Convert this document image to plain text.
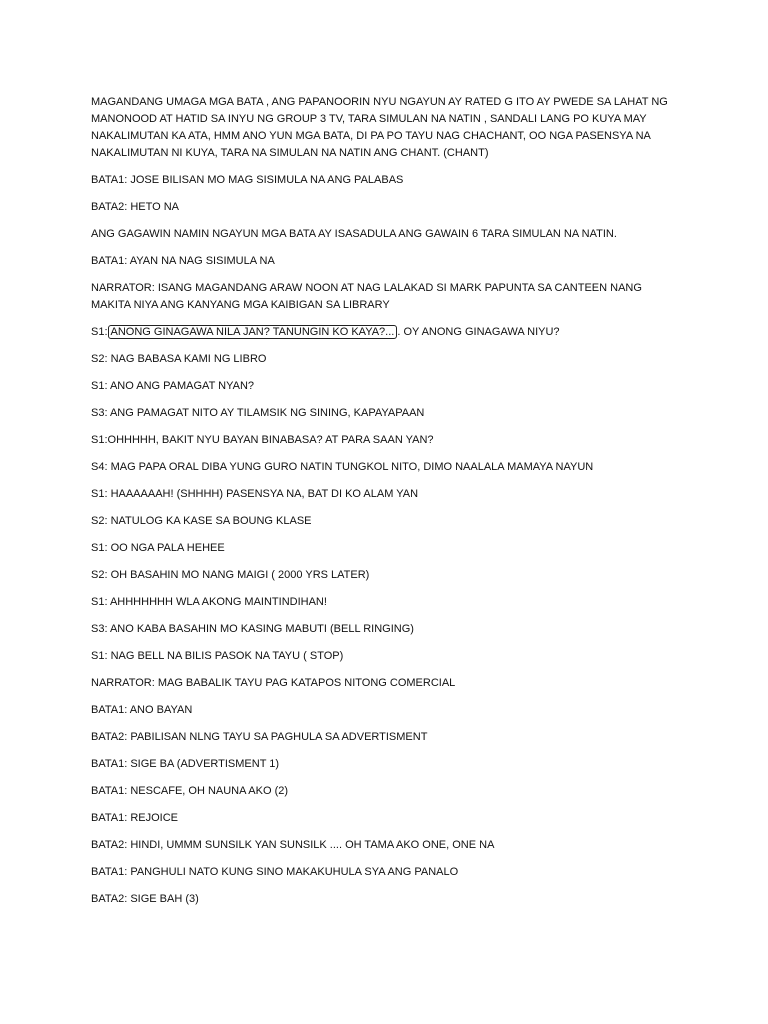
MAGANDANG UMAGA MGA BATA , ANG PAPANOORIN NYU NGAYUN AY RATED G ITO AY PWEDE SA LAHAT NG MANONOOD AT HATID SA INYU NG GROUP 3 TV, TARA SIMULAN NA NATIN , SANDALI LANG PO KUYA MAY NAKALIMUTAN KA ATA, HMM ANO YUN MGA BATA, DI PA PO TAYU NAG CHACHANT, OO NGA PASENSYA NA NAKALIMUTAN NI KUYA, TARA NA SIMULAN NA NATIN ANG CHANT. (CHANT)

BATA1: JOSE BILISAN MO MAG SISIMULA NA ANG PALABAS

BATA2: HETO NA

ANG GAGAWIN NAMIN NGAYUN MGA BATA AY ISASADULA ANG GAWAIN 6 TARA SIMULAN NA NATIN.

BATA1: AYAN NA NAG SISIMULA NA

NARRATOR: ISANG MAGANDANG ARAW NOON AT NAG LALAKAD SI MARK PAPUNTA SA CANTEEN NANG MAKITA NIYA ANG KANYANG MGA KAIBIGAN SA LIBRARY

S1: ANONG GINAGAWA NILA JAN? TANUNGIN KO KAYA?... . OY ANONG GINAGAWA NIYU?

S2: NAG BABASA KAMI NG LIBRO

S1: ANO ANG PAMAGAT NYAN?

S3: ANG PAMAGAT NITO AY TILAMSIK NG SINING, KAPAYAPAAN

S1:OHHHHH, BAKIT NYU BAYAN BINABASA? AT PARA SAAN YAN?

S4: MAG PAPA ORAL DIBA YUNG GURO NATIN TUNGKOL NITO, DIMO NAALALA MAMAYA NAYUN

S1: HAAAAAAH! (SHHHH) PASENSYA NA, BAT DI KO ALAM YAN

S2: NATULOG KA KASE SA BOUNG KLASE

S1: OO NGA PALA HEHEE

S2: OH BASAHIN MO NANG MAIGI ( 2000 YRS LATER)

S1: AHHHHHHH WLA AKONG MAINTINDIHAN!

S3: ANO KABA BASAHIN MO KASING MABUTI (BELL RINGING)

S1: NAG BELL NA BILIS PASOK NA TAYU ( STOP)

NARRATOR: MAG BABALIK TAYU PAG KATAPOS NITONG COMERCIAL

BATA1: ANO BAYAN

BATA2: PABILISAN NLNG TAYU SA PAGHULA SA ADVERTISMENT

BATA1: SIGE BA (ADVERTISMENT 1)

BATA1: NESCAFE, OH NAUNA AKO (2)

BATA1: REJOICE

BATA2: HINDI, UMMM SUNSILK YAN SUNSILK .... OH TAMA AKO ONE, ONE NA

BATA1: PANGHULI NATO KUNG SINO MAKAKUHULA SYA ANG PANALO

BATA2: SIGE BAH (3)
